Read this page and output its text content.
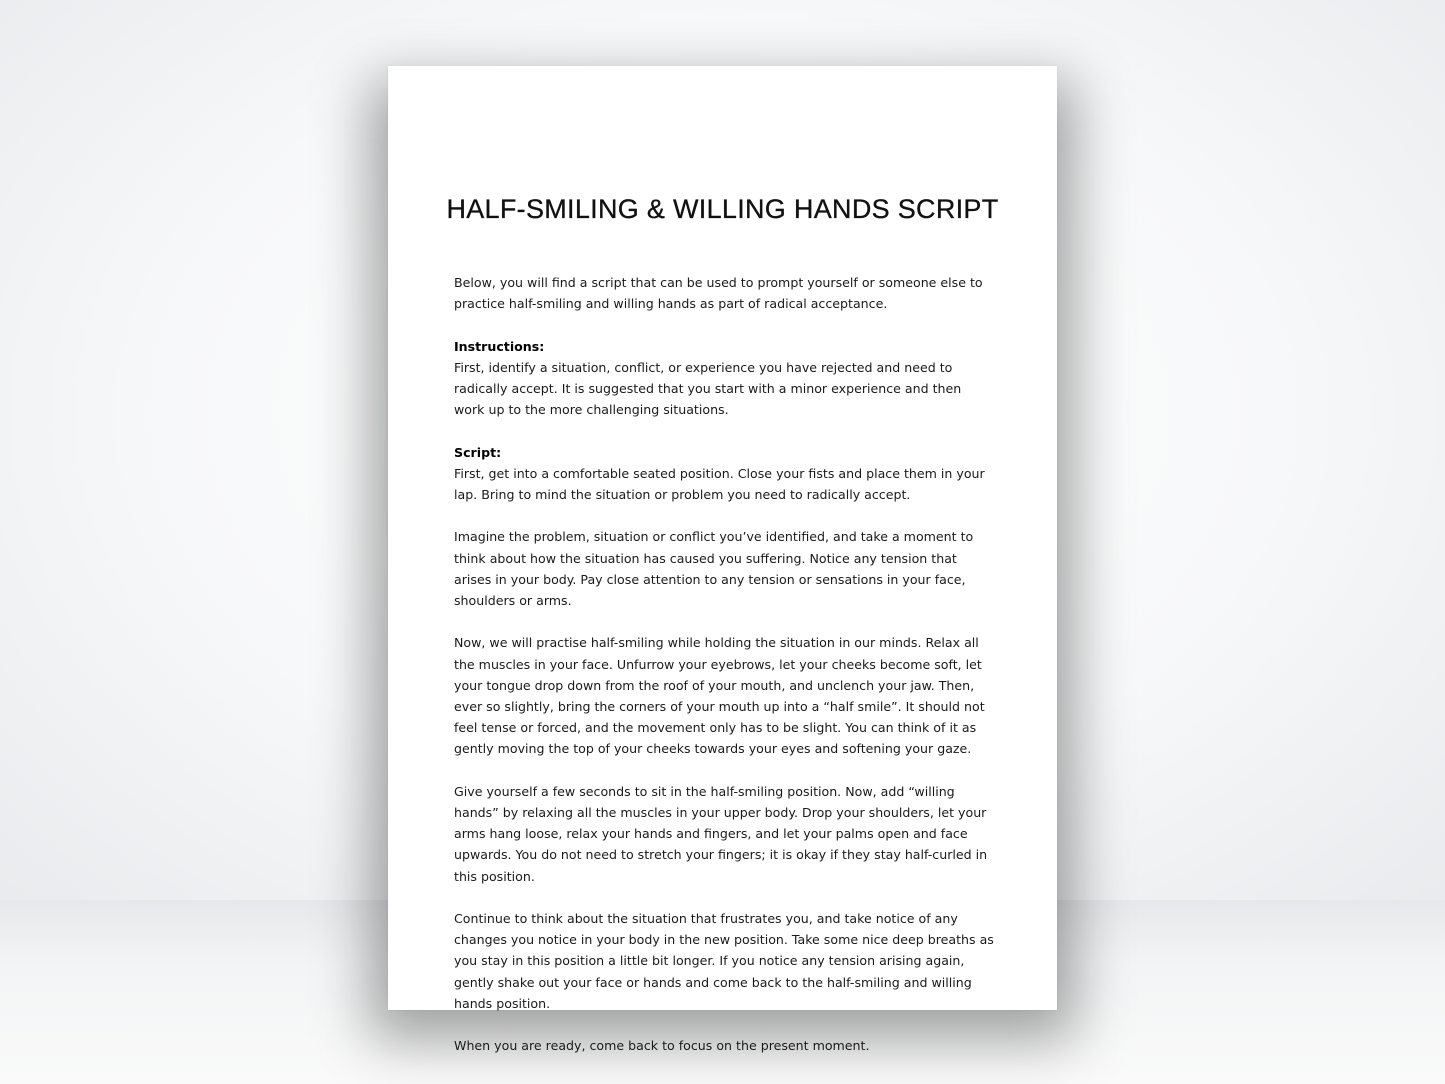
HALF-SMILING & WILLING HANDS SCRIPT

Below, you will find a script that can be used to prompt yourself or someone else to practice half-smiling and willing hands as part of radical acceptance.

Instructions:
First, identify a situation, conflict, or experience you have rejected and need to radically accept. It is suggested that you start with a minor experience and then work up to the more challenging situations.

Script:
First, get into a comfortable seated position. Close your fists and place them in your lap. Bring to mind the situation or problem you need to radically accept.

Imagine the problem, situation or conflict you’ve identified, and take a moment to think about how the situation has caused you suffering. Notice any tension that arises in your body. Pay close attention to any tension or sensations in your face, shoulders or arms.

Now, we will practise half-smiling while holding the situation in our minds. Relax all the muscles in your face. Unfurrow your eyebrows, let your cheeks become soft, let your tongue drop down from the roof of your mouth, and unclench your jaw. Then, ever so slightly, bring the corners of your mouth up into a “half smile”. It should not feel tense or forced, and the movement only has to be slight. You can think of it as gently moving the top of your cheeks towards your eyes and softening your gaze.

Give yourself a few seconds to sit in the half-smiling position. Now, add “willing hands” by relaxing all the muscles in your upper body. Drop your shoulders, let your arms hang loose, relax your hands and fingers, and let your palms open and face upwards. You do not need to stretch your fingers; it is okay if they stay half-curled in this position.

Continue to think about the situation that frustrates you, and take notice of any changes you notice in your body in the new position. Take some nice deep breaths as you stay in this position a little bit longer. If you notice any tension arising again, gently shake out your face or hands and come back to the half-smiling and willing hands position.

When you are ready, come back to focus on the present moment.
